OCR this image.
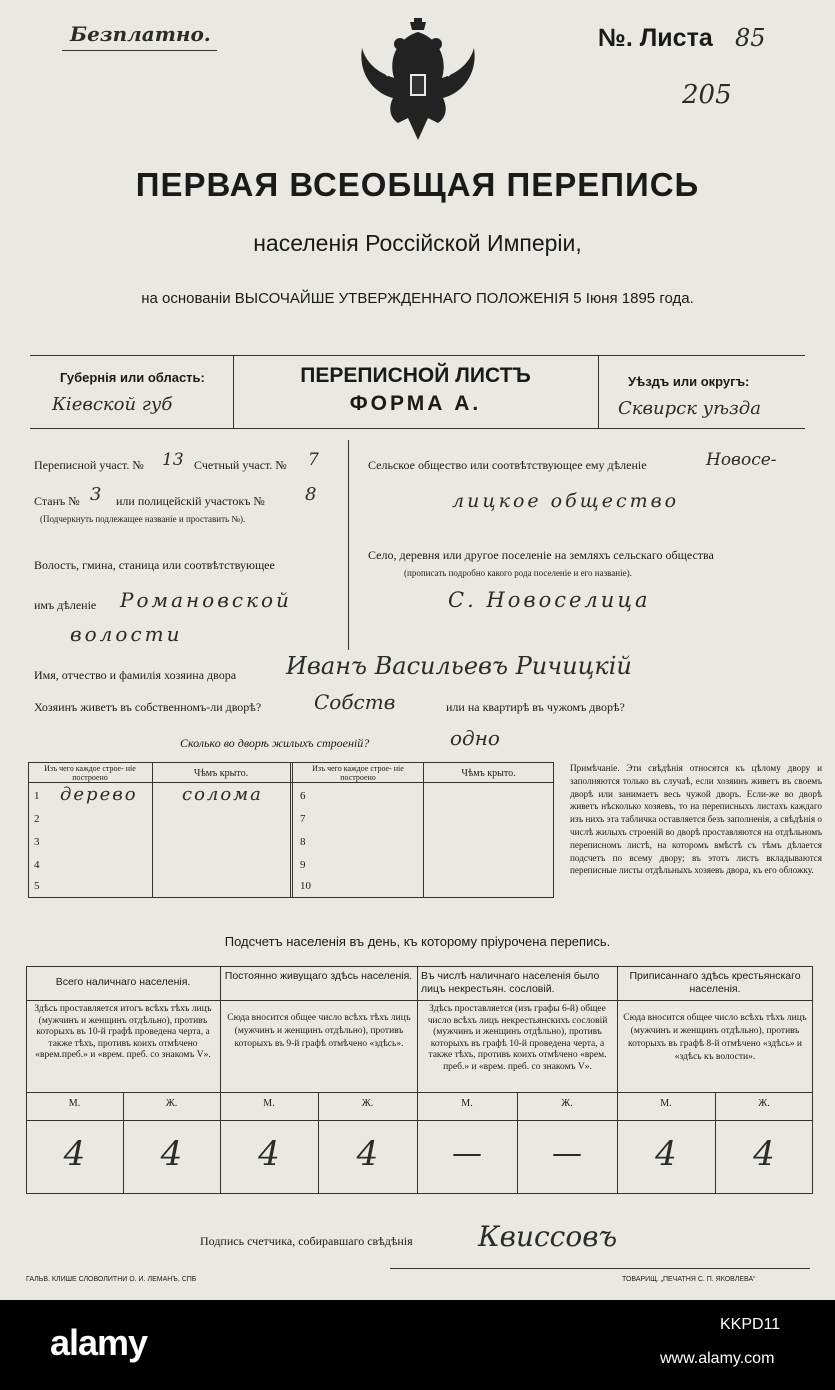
Безплатно.	№. Листа 85
205
ПЕРВАЯ ВСЕОБЩАЯ ПЕРЕПИСЬ
населенія Россійской Имперіи,
на основаніи ВЫСОЧАЙШЕ УТВЕРЖДЕННАГО ПОЛОЖЕНІЯ 5 Іюня 1895 года.
Губернія или область:
Кіевской губ
ПЕРЕПИСНОЙ ЛИСТЪ
ФОРМА А.
Уѣздъ или округъ:
Сквирск уѣзда
Переписной участ. № 13 Счетный участ. № 7
Станъ № 3 или полицейскій участокъ № 8
(Подчеркнуть подлежащее названіе и проставить №).
Волость, гмина, станица или соотвѣтствующее
имъ дѣленіе Романовской
волости
Сельское общество или соотвѣтствующее ему дѣленіе	Новосе-
лицкое общество
Село, деревня или другое поселеніе на земляхъ сельскаго общества
(прописать подробно какого рода поселеніе и его названіе).
С. Новоселица
Имя, отчество и фамилія хозяина двора Иванъ Васильевъ Ричицкій
Хозяинъ живетъ въ собственномъ-ли дворѣ?	Собств	или на квартирѣ въ чужомъ дворѣ?
Сколько во дворѣ жилыхъ строеній?	одно
Изъ чего каждое строе- ніе построено	Чѣмъ крыто.	Изъ чего каждое строе- ніе построено	Чѣмъ крыто.
1 дерево солома
2
3
4
5
6
7
8
9
10
Примѣчаніе. Эти свѣдѣнія относятся къ цѣлому двору и заполняются только въ случаѣ, если хозяинъ живетъ въ своемъ дворѣ или занимаетъ весь чужой дворъ. Если-же во дворѣ живетъ нѣсколько хозяевъ, то на переписныхъ листахъ каждаго изъ нихъ эта табличка оставляется безъ заполненія, а свѣдѣнія о числѣ жилыхъ строеній во дворѣ проставляются на отдѣльномъ переписномъ листѣ, на которомъ вмѣстѣ съ тѣмъ дѣлается подсчетъ по всему двору; въ этотъ листъ вкладываются переписные листы отдѣльныхъ хозяевъ двора, къ его обложку.
Подсчетъ населенія въ день, къ которому пріурочена перепись.
Всего наличнаго населенія.
Здѣсь проставляется итогъ всѣхъ тѣхъ лицъ (мужчинъ и женщинъ отдѣльно), противъ которыхъ въ 10-й графѣ проведена черта, а также тѣхъ, противъ коихъ отмѣчено «врем.преб.» и «врем. преб. со знакомъ V».
М.	Ж.
4	4
Постоянно живущаго здѣсь населенія.
Сюда вносится общее число всѣхъ тѣхъ лицъ (мужчинъ и женщинъ отдѣльно), противъ которыхъ въ 9-й графѣ отмѣчено «здѣсь».
М.	Ж.
4	4
Въ числѣ наличнаго населенія было лицъ некрестьян. сословій.
Здѣсь проставляется (изъ графы 6-й) общее число всѣхъ лицъ некрестьянскихъ сословій (мужчинъ и женщинъ отдѣльно), противъ которыхъ въ графѣ 10-й проведена черта, а также тѣхъ, противъ коихъ отмѣчено «врем. преб.» и «врем. преб. со знакомъ V».
М.	Ж.
—	—
Приписаннаго здѣсь крестьянскаго населенія.
Сюда вносится общее число всѣхъ тѣхъ лицъ (мужчинъ и женщинъ отдѣльно), противъ которыхъ въ графѣ 8-й отмѣчено «здѣсь» и «здѣсь къ волости».
М.	Ж.
4	4
Подпись счетчика, собиравшаго свѣдѣнія Квиссовъ
ГАЛЬВ. КЛИШЕ СЛОВОЛИТНИ О. И. ЛЕМАНЪ, СПБ	ТОВАРИЩ. „ПЕЧАТНЯ С. П. ЯКОВЛЕВА“
alamy	KKPD11
www.alamy.com
